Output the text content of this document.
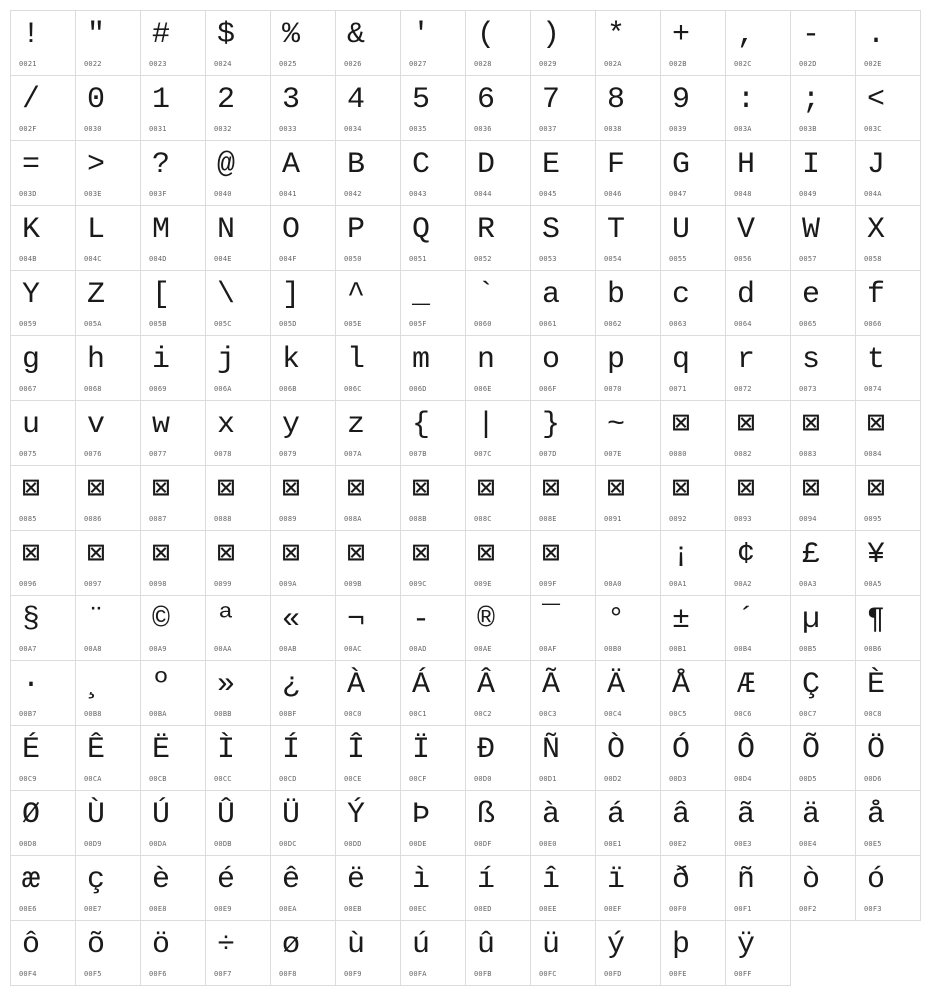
!
0021
"
0022
#
0023
$
0024
%
0025
&
0026
'
0027
(
0028
)
0029
*
002A
+
002B
,
002C
-
002D
.
002E
/
002F
0
0030
1
0031
2
0032
3
0033
4
0034
5
0035
6
0036
7
0037
8
0038
9
0039
:
003A
;
003B
<
003C
=
003D
>
003E
?
003F
@
0040
A
0041
B
0042
C
0043
D
0044
E
0045
F
0046
G
0047
H
0048
I
0049
J
004A
K
004B
L
004C
M
004D
N
004E
O
004F
P
0050
Q
0051
R
0052
S
0053
T
0054
U
0055
V
0056
W
0057
X
0058
Y
0059
Z
005A
[
005B
\
005C
]
005D
^
005E
_
005F
`
0060
a
0061
b
0062
c
0063
d
0064
e
0065
f
0066
g
0067
h
0068
i
0069
j
006A
k
006B
l
006C
m
006D
n
006E
o
006F
p
0070
q
0071
r
0072
s
0073
t
0074
u
0075
v
0076
w
0077
x
0078
y
0079
z
007A
{
007B
|
007C
}
007D
~
007E
⊠
0080
⊠
0082
⊠
0083
⊠
0084
⊠
0085
⊠
0086
⊠
0087
⊠
0088
⊠
0089
⊠
008A
⊠
008B
⊠
008C
⊠
008E
⊠
0091
⊠
0092
⊠
0093
⊠
0094
⊠
0095
⊠
0096
⊠
0097
⊠
0098
⊠
0099
⊠
009A
⊠
009B
⊠
009C
⊠
009E
⊠
009F	00A0
¡
00A1
¢
00A2
£
00A3
¥
00A5
§
00A7
¨
00A8
©
00A9
ª
00AA
«
00AB
¬
00AC
-
00AD
®
00AE
¯
00AF
°
00B0
±
00B1
´
00B4
µ
00B5
¶
00B6
·
00B7
¸
00B8
º
00BA
»
00BB
¿
00BF
À
00C0
Á
00C1
Â
00C2
Ã
00C3
Ä
00C4
Å
00C5
Æ
00C6
Ç
00C7
È
00C8
É
00C9
Ê
00CA
Ë
00CB
Ì
00CC
Í
00CD
Î
00CE
Ï
00CF
Ð
00D0
Ñ
00D1
Ò
00D2
Ó
00D3
Ô
00D4
Õ
00D5
Ö
00D6
Ø
00D8
Ù
00D9
Ú
00DA
Û
00DB
Ü
00DC
Ý
00DD
Þ
00DE
ß
00DF
à
00E0
á
00E1
â
00E2
ã
00E3
ä
00E4
å
00E5
æ
00E6
ç
00E7
è
00E8
é
00E9
ê
00EA
ë
00EB
ì
00EC
í
00ED
î
00EE
ï
00EF
ð
00F0
ñ
00F1
ò
00F2
ó
00F3
ô
00F4
õ
00F5
ö
00F6
÷
00F7
ø
00F8
ù
00F9
ú
00FA
û
00FB
ü
00FC
ý
00FD
þ
00FE
ÿ
00FF
